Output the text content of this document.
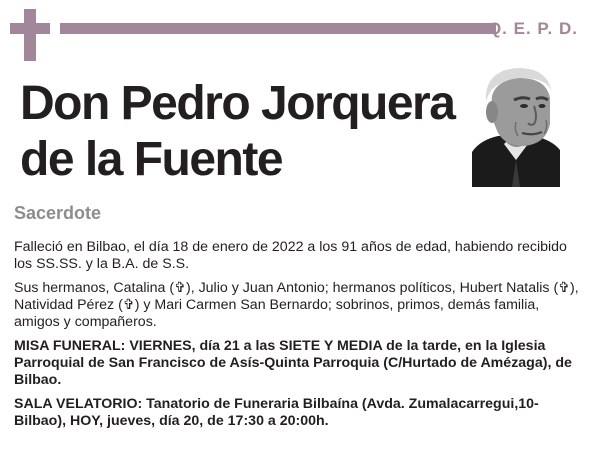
Q. E. P. D.
Don Pedro Jorquera
de la Fuente
Sacerdote

Falleció en Bilbao, el día 18 de enero de 2022 a los 91 años de edad, habiendo recibido los SS.SS. y la B.A. de S.S.

Sus hermanos, Catalina (✞), Julio y Juan Antonio; hermanos políticos, Hubert Natalis (✞), Natividad Pérez (✞) y Mari Carmen San Bernardo; sobrinos, primos, demás familia, amigos y compañeros.

MISA FUNERAL: VIERNES, día 21 a las SIETE Y MEDIA de la tarde, en la Iglesia Parroquial de San Francisco de Asís-Quinta Parroquia (C/Hurtado de Amézaga), de Bilbao.

SALA VELATORIO: Tanatorio de Funeraria Bilbaína (Avda. Zumalacarregui,10-Bilbao), HOY, jueves, día 20, de 17:30 a 20:00h.
